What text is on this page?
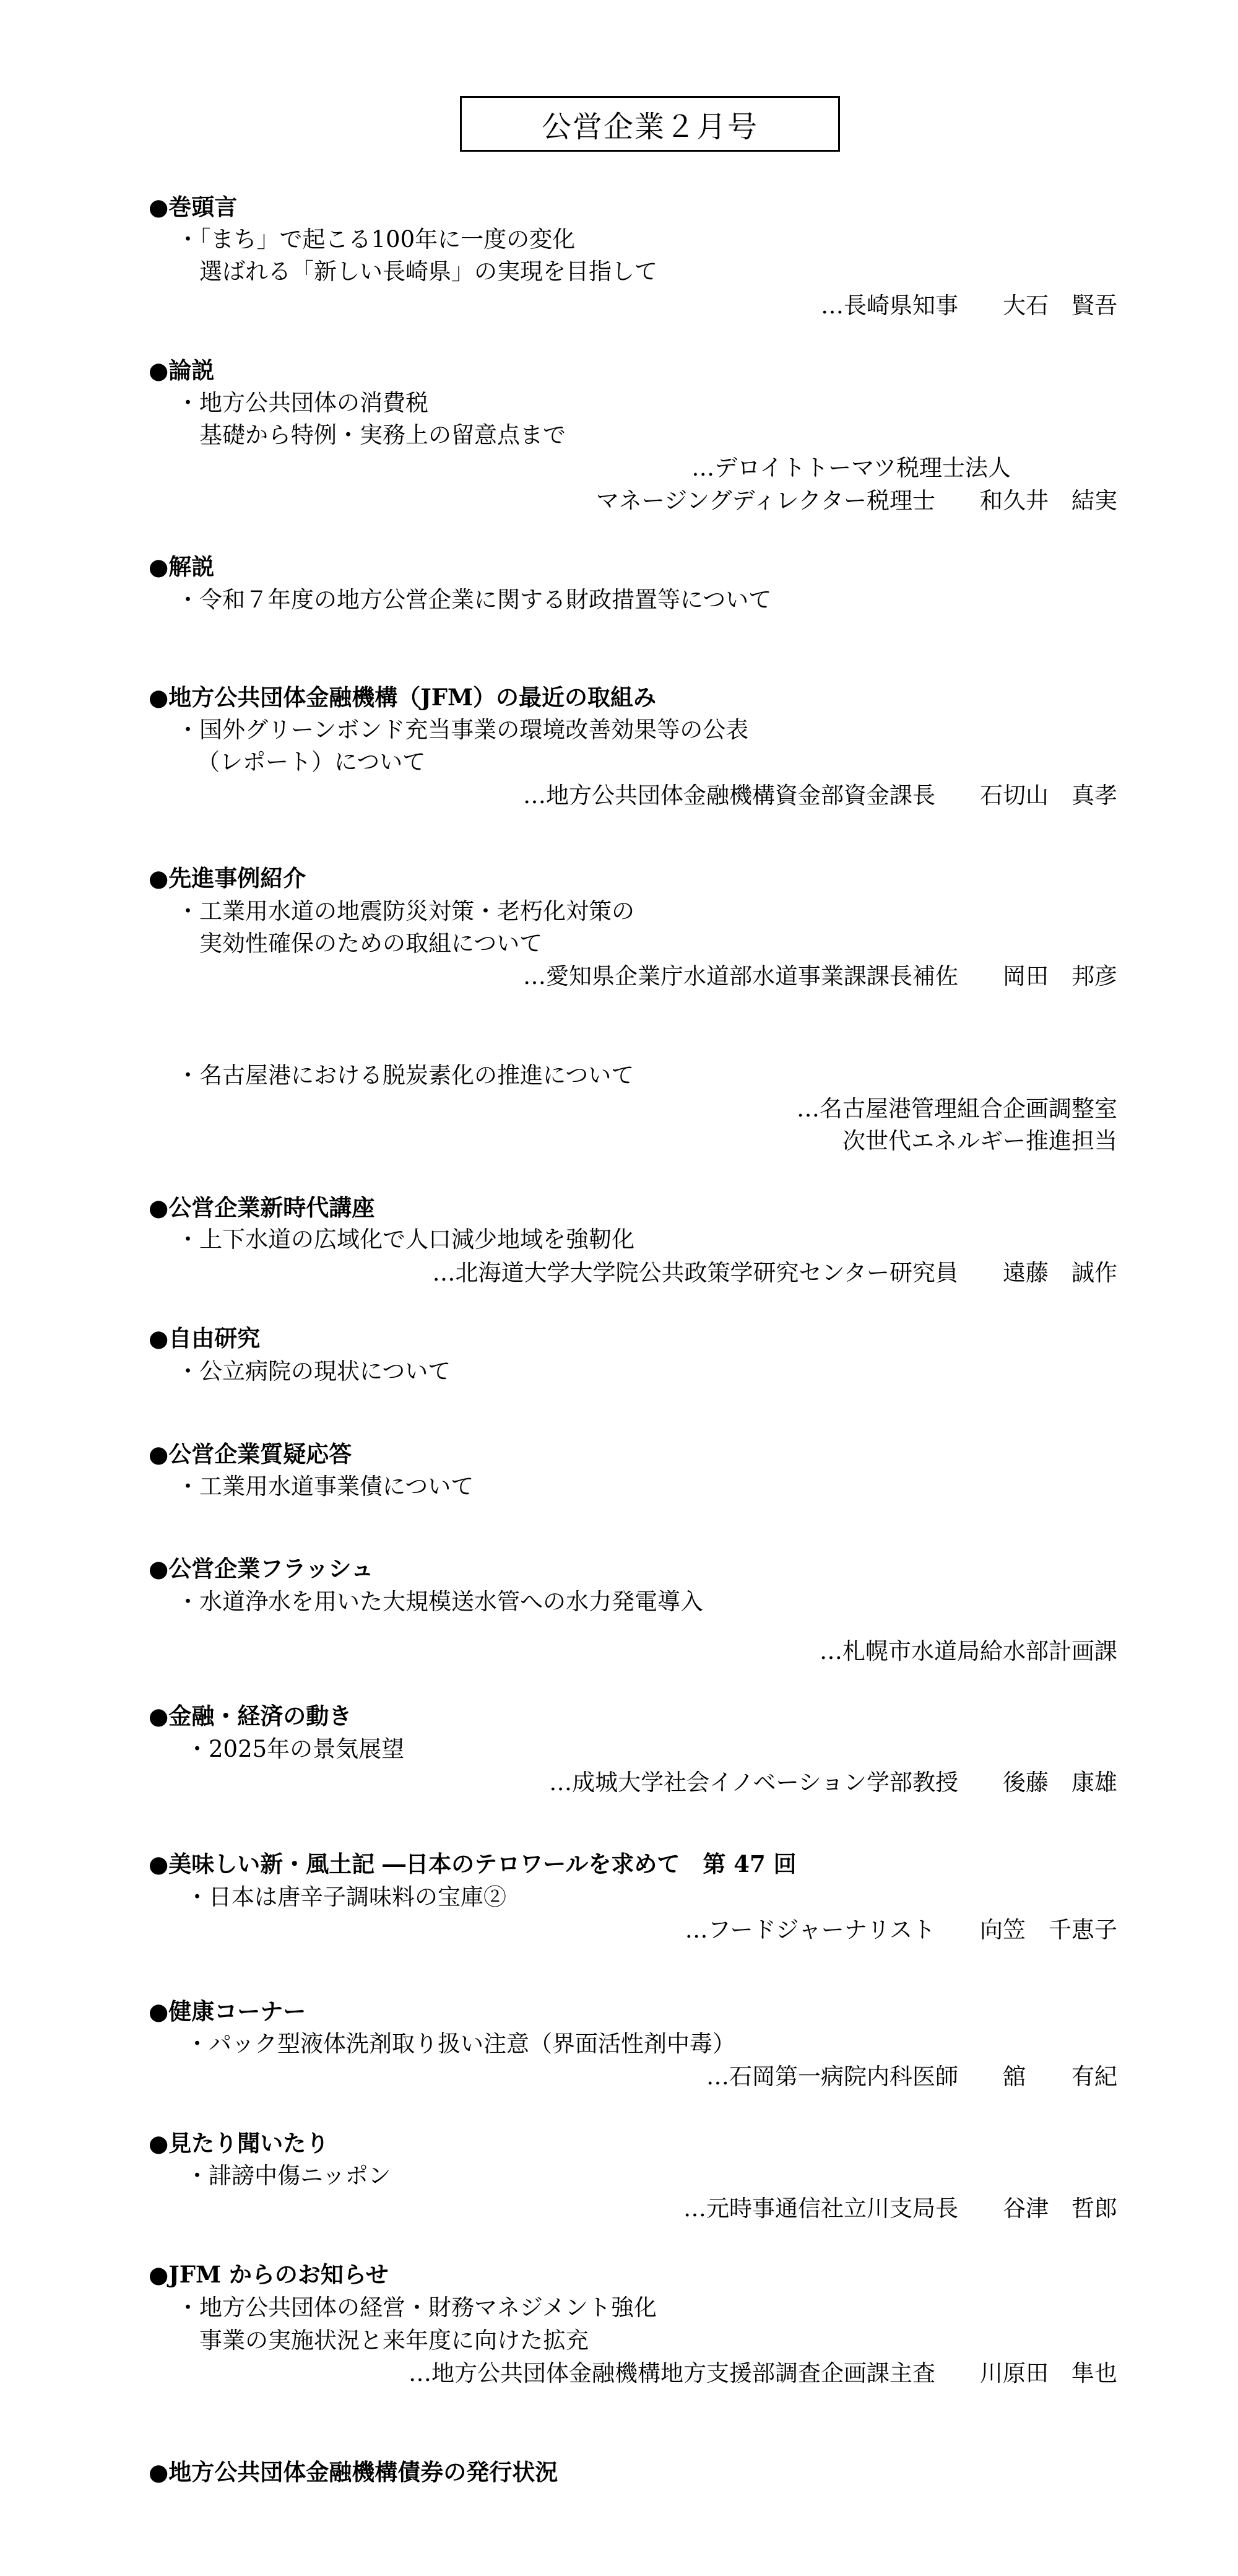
公営企業２月号
●巻頭言
・「まち」で起こる100年に一度の変化
選ばれる「新しい長崎県」の実現を目指して
…長崎県知事 大石　賢吾
●論説
・地方公共団体の消費税
基礎から特例・実務上の留意点まで
…デロイトトーマツ税理士法人
マネージングディレクター税理士 和久井　結実
●解説
・令和７年度の地方公営企業に関する財政措置等について
●地方公共団体金融機構（JFM）の最近の取組み
・国外グリーンボンド充当事業の環境改善効果等の公表
（レポート）について
…地方公共団体金融機構資金部資金課長 石切山　真孝
●先進事例紹介
・工業用水道の地震防災対策・老朽化対策の
実効性確保のための取組について
…愛知県企業庁水道部水道事業課課長補佐 岡田　邦彦
・名古屋港における脱炭素化の推進について
…名古屋港管理組合企画調整室
次世代エネルギー推進担当
●公営企業新時代講座
・上下水道の広域化で人口減少地域を強靭化
…北海道大学大学院公共政策学研究センター研究員 遠藤　誠作
●自由研究
・公立病院の現状について
●公営企業質疑応答
・工業用水道事業債について
●公営企業フラッシュ
・水道浄水を用いた大規模送水管への水力発電導入
…札幌市水道局給水部計画課
●金融・経済の動き
・2025年の景気展望
…成城大学社会イノベーション学部教授 後藤　康雄
●美味しい新・風土記 ―日本のテロワールを求めて　第 47 回
・日本は唐辛子調味料の宝庫②
…フードジャーナリスト 向笠　千恵子
●健康コーナー
・パック型液体洗剤取り扱い注意（界面活性剤中毒）
…石岡第一病院内科医師 舘　　有紀
●見たり聞いたり
・誹謗中傷ニッポン
…元時事通信社立川支局長 谷津　哲郎
●JFM からのお知らせ
・地方公共団体の経営・財務マネジメント強化
事業の実施状況と来年度に向けた拡充
…地方公共団体金融機構地方支援部調査企画課主査 川原田　隼也
●地方公共団体金融機構債券の発行状況
